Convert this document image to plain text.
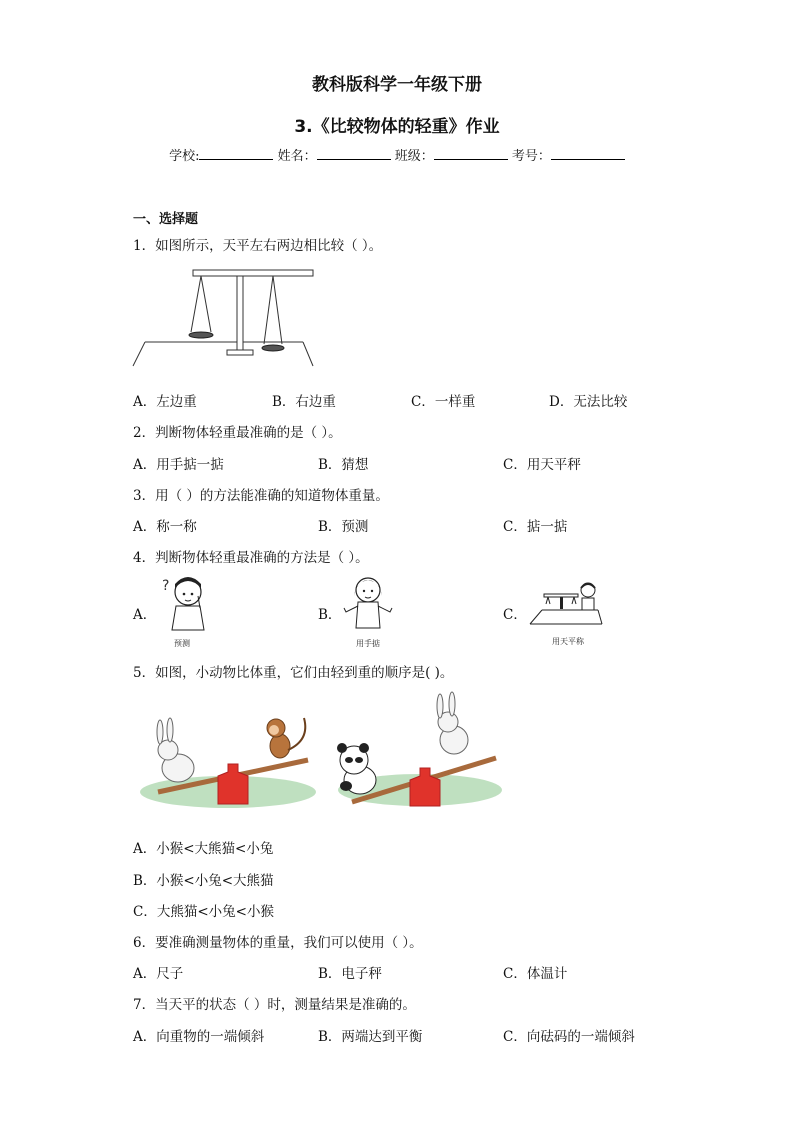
教科版科学一年级下册
3.《比较物体的轻重》作业
学校:	姓名：	班级：	考号：
一、选择题
1．如图所示，天平左右两边相比较（ ）。
A．左边重	B．右边重	C．一样重	D．无法比较
2．判断物体轻重最准确的是（ ）。
A．用手掂一掂	B．猜想	C．用天平秤
3．用（ ）的方法能准确的知道物体重量。
A．称一称	B．预测	C．掂一掂
4．判断物体轻重最准确的方法是（ ）。
A．
?
预测
B．
用手掂
C．
用天平称
5．如图，小动物比体重，它们由轻到重的顺序是( )。
A．小猴<大熊猫<小兔
B．小猴<小兔<大熊猫
C．大熊猫<小兔<小猴
6．要准确测量物体的重量，我们可以使用（ ）。
A．尺子	B．电子秤	C．体温计
7．当天平的状态（ ）时，测量结果是准确的。
A．向重物的一端倾斜	B．两端达到平衡	C．向砝码的一端倾斜
